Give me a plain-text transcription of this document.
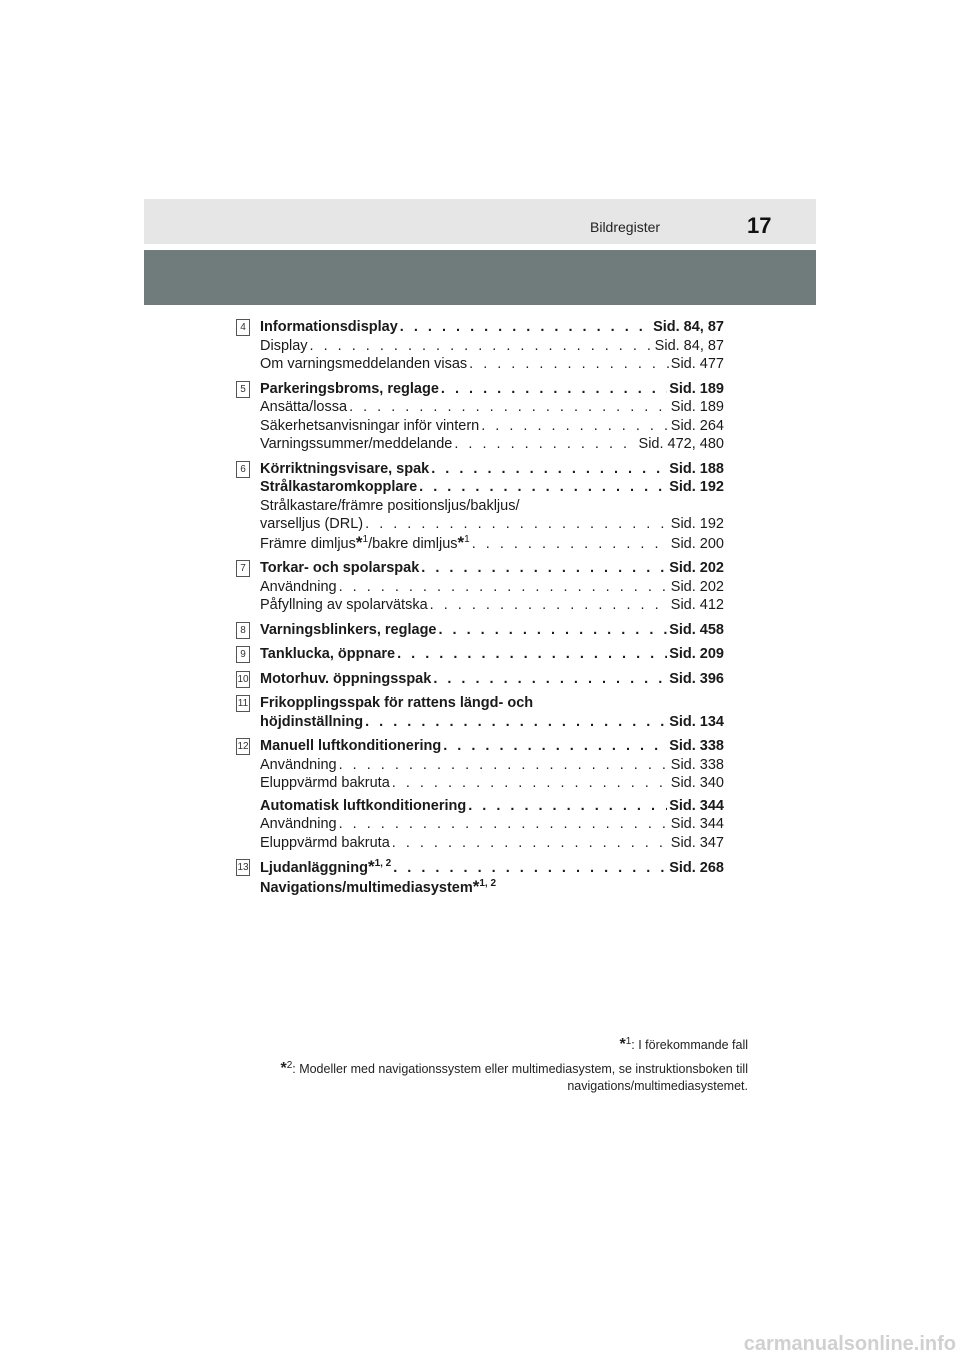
Bildregister	17
4 Informationsdisplay . . .	Sid. 84, 87
Display . . .	Sid. 84, 87
Om varningsmeddelanden visas . . .	Sid. 477
5 Parkeringsbroms, reglage . . .	Sid. 189
Ansätta/lossa . . .	Sid. 189
Säkerhetsanvisningar inför vintern . . .	Sid. 264
Varningssummer/meddelande . . .	Sid. 472, 480
6 Körriktningsvisare, spak . . .	Sid. 188
Strålkastaromkopplare . . .	Sid. 192
Strålkastare/främre positionsljus/bakljus/
varselljus (DRL) . . .	Sid. 192
Främre dimljus*$^1$/bakre dimljus*$^1$ . . .	Sid. 200
7 Torkar- och spolarspak . . .	Sid. 202
Användning . . .	Sid. 202
Påfyllning av spolarvätska . . .	Sid. 412
8 Varningsblinkers, reglage . . .	Sid. 458
9 Tanklucka, öppnare . . .	Sid. 209
10 Motorhuv. öppningsspak . . .	Sid. 396
11 Frikopplingsspak för rattens längd- och
höjdinställning . . .	Sid. 134
12 Manuell luftkonditionering . . .	Sid. 338
Användning . . .	Sid. 338
Eluppvärmd bakruta . . .	Sid. 340
Automatisk luftkonditionering . . .	Sid. 344
Användning . . .	Sid. 344
Eluppvärmd bakruta . . .	Sid. 347
13 Ljudanläggning*$^{1, 2}$ . . .	Sid. 268
Navigations/multimediasystem*$^{1, 2}$
*$^1$: I förekommande fall
*$^2$: Modeller med navigationssystem eller multimediasystem, se instruktionsboken till navigations/multimediasystemet.
carmanualsonline.info
